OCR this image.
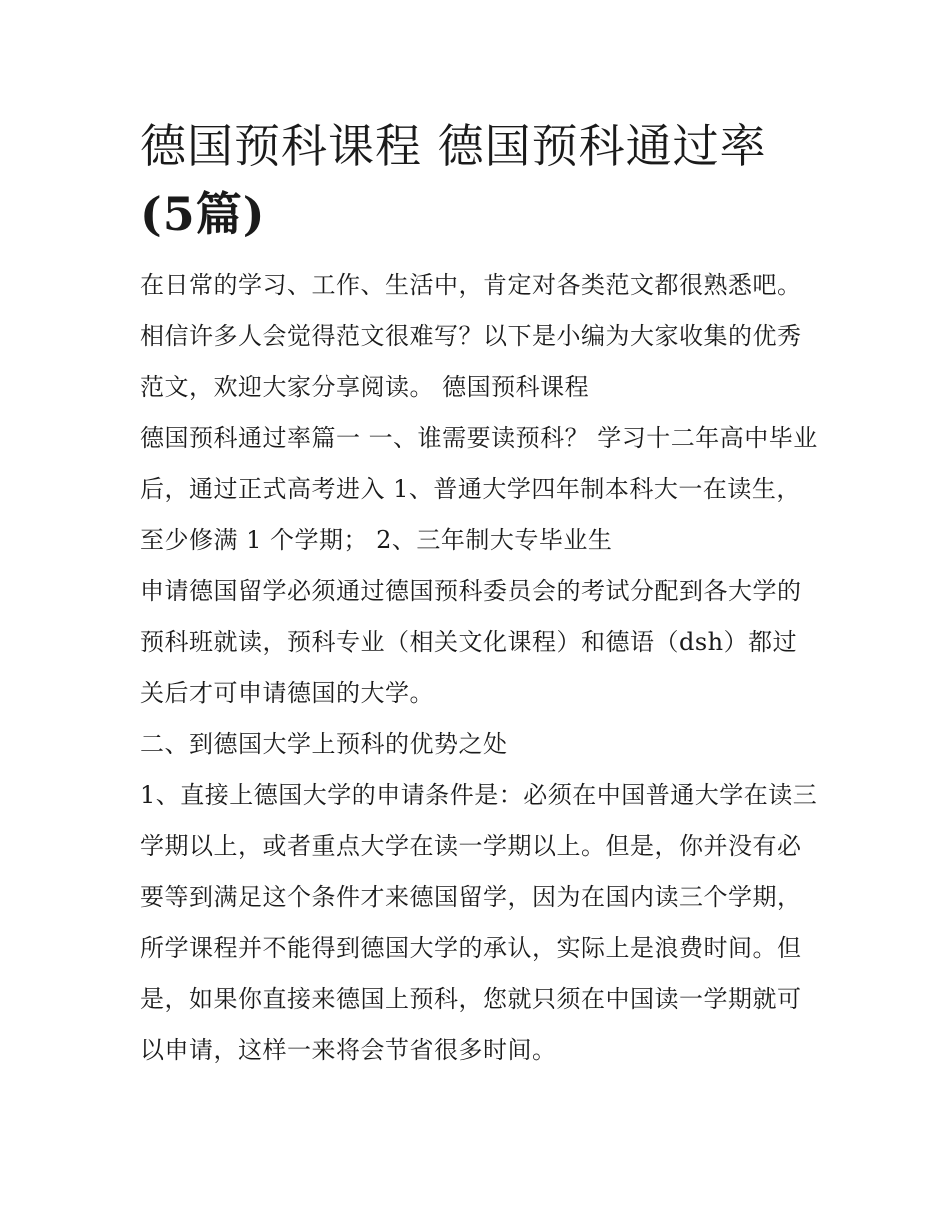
德国预科课程 德国预科通过率
(5篇)

在日常的学习、工作、生活中，肯定对各类范文都很熟悉吧。相信许多人会觉得范文很难写？以下是小编为大家收集的优秀范文，欢迎大家分享阅读。 德国预科课程

德国预科通过率篇一 一、谁需要读预科？ 学习十二年高中毕业后，通过正式高考进入 1、普通大学四年制本科大一在读生，至少修满 1 个学期； 2、三年制大专毕业生

申请德国留学必须通过德国预科委员会的考试分配到各大学的预科班就读，预科专业（相关文化课程）和德语（dsh）都过关后才可申请德国的大学。

二、到德国大学上预科的优势之处

1、直接上德国大学的申请条件是：必须在中国普通大学在读三学期以上，或者重点大学在读一学期以上。但是，你并没有必要等到满足这个条件才来德国留学，因为在国内读三个学期，所学课程并不能得到德国大学的承认，实际上是浪费时间。但是，如果你直接来德国上预科，您就只须在中国读一学期就可以申请，这样一来将会节省很多时间。
